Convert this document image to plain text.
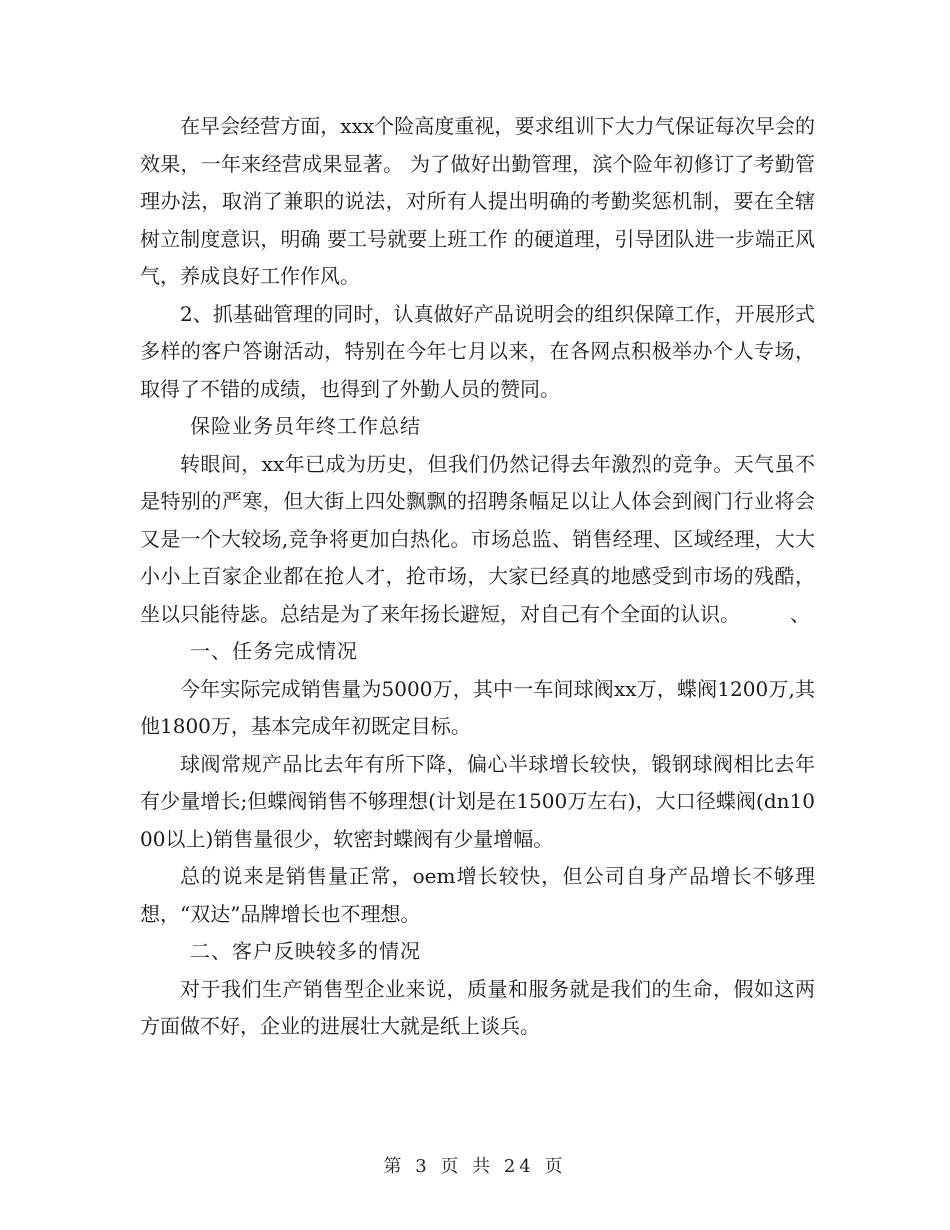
在早会经营方面，xxx个险高度重视，要求组训下大力气保证每次早会的效果，一年来经营成果显著。 为了做好出勤管理，滨个险年初修订了考勤管理办法，取消了兼职的说法，对所有人提出明确的考勤奖惩机制，要在全辖树立制度意识，明确 要工号就要上班工作 的硬道理，引导团队进一步端正风气，养成良好工作作风。

2、抓基础管理的同时，认真做好产品说明会的组织保障工作，开展形式多样的客户答谢活动，特别在今年七月以来，在各网点积极举办个人专场，取得了不错的成绩，也得到了外勤人员的赞同。

保险业务员年终工作总结

转眼间，xx年已成为历史，但我们仍然记得去年激烈的竞争。天气虽不是特别的严寒，但大街上四处飘飘的招聘条幅足以让人体会到阀门行业将会又是一个大较场,竞争将更加白热化。市场总监、销售经理、区域经理，大大小小上百家企业都在抢人才，抢市场，大家已经真的地感受到市场的残酷，坐以只能待毖。总结是为了来年扬长避短，对自己有个全面的认识。　　　、

一、任务完成情况

今年实际完成销售量为5000万，其中一车间球阀xx万，蝶阀1200万,其他1800万，基本完成年初既定目标。

球阀常规产品比去年有所下降，偏心半球增长较快，锻钢球阀相比去年有少量增长;但蝶阀销售不够理想(计划是在1500万左右)，大口径蝶阀(dn1000以上)销售量很少，软密封蝶阀有少量增幅。

总的说来是销售量正常，oem增长较快，但公司自身产品增长不够理想，“双达”品牌增长也不理想。

二、客户反映较多的情况

对于我们生产销售型企业来说，质量和服务就是我们的生命，假如这两方面做不好，企业的进展壮大就是纸上谈兵。

第 3 页 共 24 页
